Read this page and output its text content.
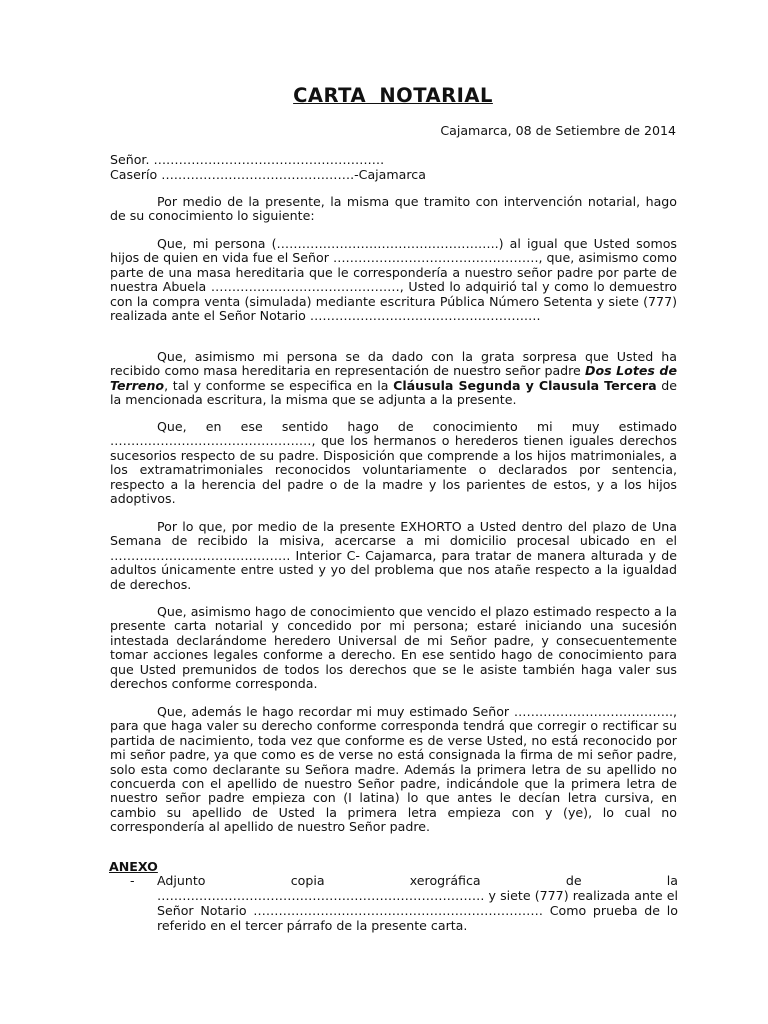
CARTA NOTARIAL
Cajamarca, 08 de Setiembre de 2014
Señor. ……………………………………………….
Caserío ……………………………………….-Cajamarca

Por medio de la presente, la misma que tramito con intervención notarial, hago de su conocimiento lo siguiente:

Que, mi persona (……………………………………………..) al igual que Usted somos hijos de quien en vida fue el Señor …………………………………………., que, asimismo como parte de una masa hereditaria que le correspondería a nuestro señor padre por parte de nuestra Abuela ………………………………………, Usted lo adquirió tal y como lo demuestro con la compra venta (simulada) mediante escritura Pública Número Setenta y siete (777) realizada ante el Señor Notario ……………………………………………….

Que, asimismo mi persona se da dado con la grata sorpresa que Usted ha recibido como masa hereditaria en representación de nuestro señor padre Dos Lotes de Terreno, tal y conforme se especifica en la Cláusula Segunda y Clausula Tercera de la mencionada escritura, la misma que se adjunta a la presente.

Que, en ese sentido hago de conocimiento mi muy estimado …………………………………………, que los hermanos o herederos tienen iguales derechos sucesorios respecto de su padre. Disposición que comprende a los hijos matrimoniales, a los extramatrimoniales reconocidos voluntariamente o declarados por sentencia, respecto a la herencia del padre o de la madre y los parientes de estos, y a los hijos adoptivos.

Por lo que, por medio de la presente EXHORTO a Usted dentro del plazo de Una Semana de recibido la misiva, acercarse a mi domicilio procesal ubicado en el ……………………………………. Interior C- Cajamarca, para tratar de manera alturada y de adultos únicamente entre usted y yo del problema que nos atañe respecto a la igualdad de derechos.

Que, asimismo hago de conocimiento que vencido el plazo estimado respecto a la presente carta notarial y concedido por mi persona; estaré iniciando una sucesión intestada declarándome heredero Universal de mi Señor padre, y consecuentemente tomar acciones legales conforme a derecho. En ese sentido hago de conocimiento para que Usted premunidos de todos los derechos que se le asiste también haga valer sus derechos conforme corresponda.

Que, además le hago recordar mi muy estimado Señor ……………………………….., para que haga valer su derecho conforme corresponda tendrá que corregir o rectificar su partida de nacimiento, toda vez que conforme es de verse Usted, no está reconocido por mi señor padre, ya que como es de verse no está consignada la firma de mi señor padre, solo esta como declarante su Señora madre. Además la primera letra de su apellido no concuerda con el apellido de nuestro Señor padre, indicándole que la primera letra de nuestro señor padre empieza con (I latina) lo que antes le decían letra cursiva, en cambio su apellido de Usted la primera letra empieza con y (ye), lo cual no correspondería al apellido de nuestro Señor padre.

ANEXO
- Adjunto copia xerográfica de la
…………………………………………………………………… y siete (777) realizada ante el Señor Notario …………………………………………………………… Como prueba de lo referido en el tercer párrafo de la presente carta.
